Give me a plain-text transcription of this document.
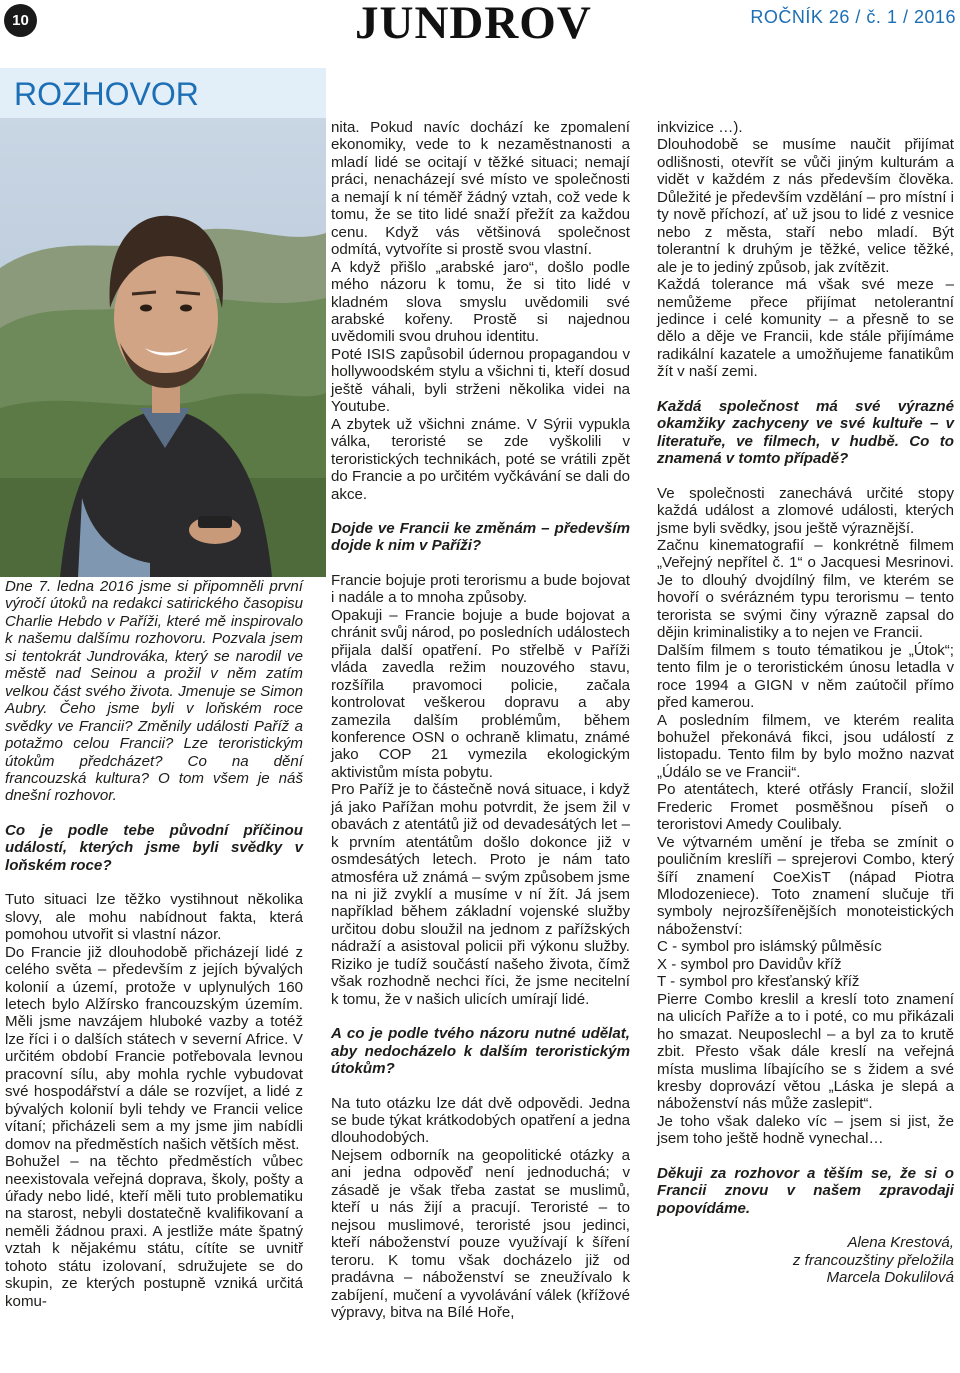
10	JUNDROV	ROČNÍK 26 / č. 1 / 2016
ROZHOVOR

Dne 7. ledna 2016 jsme si připomněli první výročí útoků na redakci satirického časopisu Charlie Hebdo v Paříži, které mě inspirovalo k našemu dalšímu rozhovoru. Pozvala jsem si tentokrát Jundrováka, který se narodil ve městě nad Seinou a prožil v něm zatím velkou část svého života. Jmenuje se Simon Aubry. Čeho jsme byli v loňském roce svědky ve Francii? Změnily události Paříž a potažmo celou Francii? Lze teroristickým útokům předcházet? Co na dění francouzská kultura? O tom všem je náš dnešní rozhovor.

Co je podle tebe původní příčinou událostí, kterých jsme byli svědky v loňském roce?

Tuto situaci lze těžko vystihnout několika slovy, ale mohu nabídnout fakta, která pomohou utvořit si vlastní názor.

Do Francie již dlouhodobě přicházejí lidé z celého světa – především z jejích bývalých kolonií a území, protože v uplynulých 160 letech bylo Alžírsko francouzským územím. Měli jsme navzájem hluboké vazby a totéž lze říci i o dalších státech v severní Africe. V určitém období Francie potřebovala levnou pracovní sílu, aby mohla rychle vybudovat své hospodářství a dále se rozvíjet, a lidé z bývalých kolonií byli tehdy ve Francii velice vítaní; přicházeli sem a my jsme jim nabídli domov na předměstích našich větších měst.

Bohužel – na těchto předměstích vůbec neexistovala veřejná doprava, školy, pošty a úřady nebo lidé, kteří měli tuto problematiku na starost, nebyli dostatečně kvalifikovaní a neměli žádnou praxi. A jestliže máte špatný vztah k nějakému státu, cítíte se uvnitř tohoto státu izolovaní, sdružujete se do skupin, ze kterých postupně vzniká určitá komu-

nita. Pokud navíc dochází ke zpomalení ekonomiky, vede to k nezaměstnanosti a mladí lidé se ocitají v těžké situaci; nemají práci, nenacházejí své místo ve společnosti a nemají k ní téměř žádný vztah, což vede k tomu, že se tito lidé snaží přežít za každou cenu. Když vás většinová společnost odmítá, vytvoříte si prostě svou vlastní.

A když přišlo „arabské jaro“, došlo podle mého názoru k tomu, že si tito lidé v kladném slova smyslu uvědomili své arabské kořeny. Prostě si najednou uvědomili svou druhou identitu.

Poté ISIS zapůsobil údernou propagandou v hollywoodském stylu a všichni ti, kteří dosud ještě váhali, byli strženi několika videi na Youtube.

A zbytek už všichni známe. V Sýrii vypukla válka, teroristé se zde vyškolili v teroristických technikách, poté se vrátili zpět do Francie a po určitém vyčkávání se dali do akce.

Dojde ve Francii ke změnám – především dojde k nim v Paříži?

Francie bojuje proti terorismu a bude bojovat i nadále a to mnoha způsoby.

Opakuji – Francie bojuje a bude bojovat a chránit svůj národ, po posledních událostech přijala další opatření. Po střelbě v Paříži vláda zavedla režim nouzového stavu, rozšířila pravomoci policie, začala kontrolovat veškerou dopravu a aby zamezila dalším problémům, během konference OSN o ochraně klimatu, známé jako COP 21 vymezila ekologickým aktivistům místa pobytu.

Pro Paříž je to částečně nová situace, i když já jako Pařížan mohu potvrdit, že jsem žil v obavách z atentátů již od devadesátých let – k prvním atentátům došlo dokonce již v osmdesátých letech. Proto je nám tato atmosféra už známá – svým způsobem jsme na ni již zvyklí a musíme v ní žít. Já jsem například během základní vojenské služby určitou dobu sloužil na jednom z pařížských nádraží a asistoval policii při výkonu služby. Riziko je tudíž součástí našeho života, čímž však rozhodně nechci říci, že jsme necitelní k tomu, že v našich ulicích umírají lidé.

A co je podle tvého názoru nutné udělat, aby nedocházelo k dalším teroristickým útokům?

Na tuto otázku lze dát dvě odpovědi. Jedna se bude týkat krátkodobých opatření a jedna dlouhodobých.

Nejsem odborník na geopolitické otázky a ani jedna odpověď není jednoduchá; v zásadě je však třeba zastat se muslimů, kteří u nás žijí a pracují. Teroristé – to nejsou muslimové, teroristé jsou jedinci, kteří náboženství pouze využívají k šíření teroru. K tomu však docházelo již od pradávna – náboženství se zneužívalo k zabíjení, mučení a vyvolávání válek (křížové výpravy, bitva na Bílé Hoře,

inkvizice …).

Dlouhodobě se musíme naučit přijímat odlišnosti, otevřít se vůči jiným kulturám a vidět v každém z nás především člověka. Důležité je především vzdělání – pro místní i ty nově příchozí, ať už jsou to lidé z vesnice nebo z města, staří nebo mladí. Být tolerantní k druhým je těžké, velice těžké, ale je to jediný způsob, jak zvítězit.

Každá tolerance má však své meze – nemůžeme přece přijímat netolerantní jedince i celé komunity – a přesně to se dělo a děje ve Francii, kde stále přijímáme radikální kazatele a umožňujeme fanatikům žít v naší zemi.

Každá společnost má své výrazné okamžiky zachyceny ve své kultuře – v literatuře, ve filmech, v hudbě. Co to znamená v tomto případě?

Ve společnosti zanechává určité stopy každá událost a zlomové události, kterých jsme byli svědky, jsou ještě výraznější.

Začnu kinematografií – konkrétně filmem „Veřejný nepřítel č. 1“ o Jacquesi Mesrinovi. Je to dlouhý dvojdílný film, ve kterém se hovoří o svérázném typu terorismu – tento terorista se svými činy výrazně zapsal do dějin kriminalistiky a to nejen ve Francii.

Dalším filmem s touto tématikou je „Útok“; tento film je o teroristickém únosu letadla v roce 1994 a GIGN v něm zaútočil přímo před kamerou.

A posledním filmem, ve kterém realita bohužel překonává fikci, jsou událostí z listopadu. Tento film by bylo možno nazvat „Údálo se ve Francii“.

Po atentátech, které otřásly Francií, složil Frederic Fromet posměšnou píseň o teroristovi Amedy Coulibaly.

Ve výtvarném umění je třeba se zmínit o pouličním kreslíři – sprejerovi Combo, který šíří znamení CoeXisT (nápad Piotra Mlodozeniece). Toto znamení slučuje tři symboly nejrozšířenějších monoteistických náboženství:

C - symbol pro islámský půlměsíc

X - symbol pro Davidův kříž

T - symbol pro křesťanský kříž

Pierre Combo kreslil a kreslí toto znamení na ulicích Paříže a to i poté, co mu přikázali ho smazat. Neuposlechl – a byl za to krutě zbit. Přesto však dále kreslí na veřejná místa muslima líbajícího se s židem a své kresby doprovází větou „Láska je slepá a náboženství nás může zaslepit“.

Je toho však daleko víc – jsem si jist, že jsem toho ještě hodně vynechal…

Děkuji za rozhovor a těším se, že si o Francii znovu v našem zpravodaji popovídáme.

Alena Krestová,

z francouzštiny přeložila

Marcela Dokulilová
